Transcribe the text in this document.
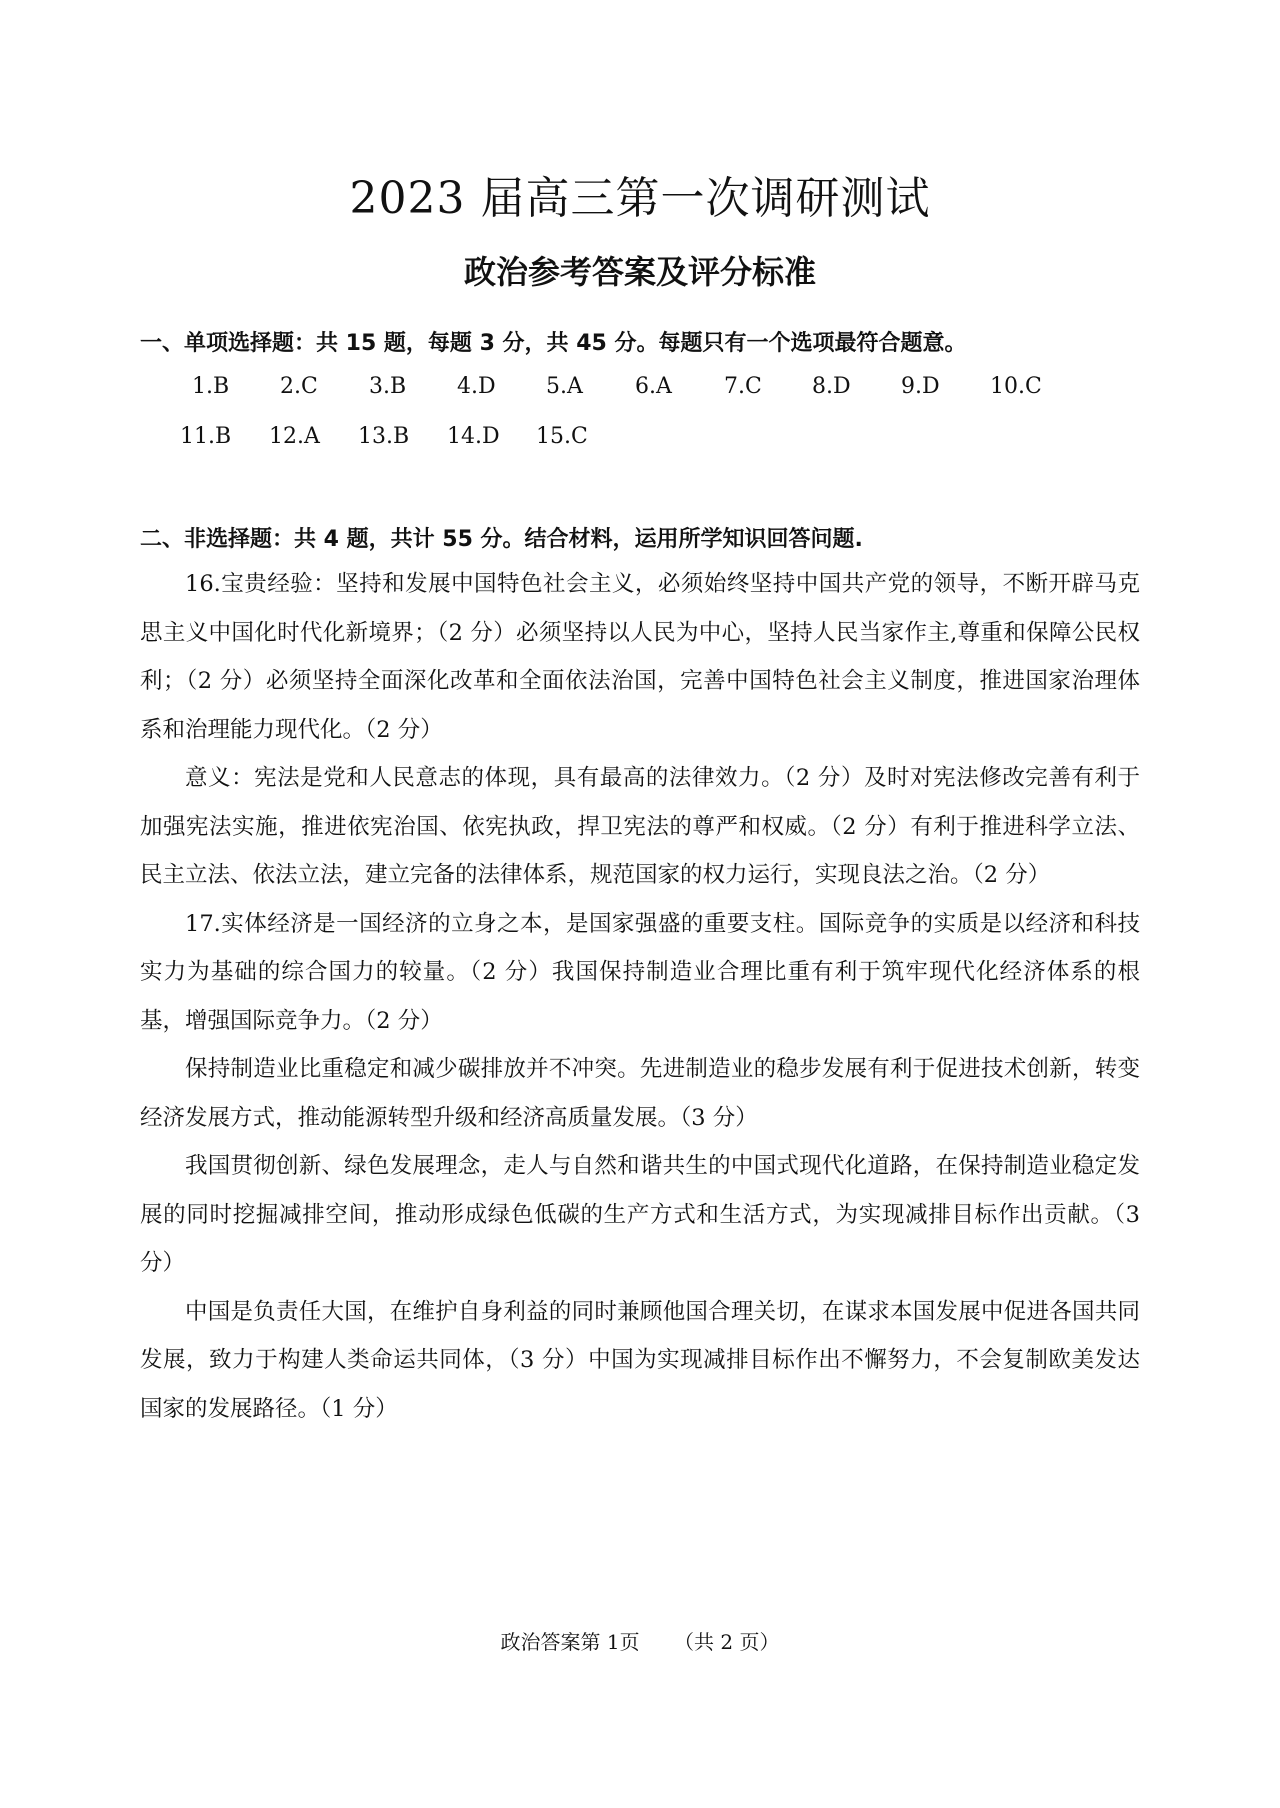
2023 届高三第一次调研测试
政治参考答案及评分标准
一、单项选择题：共 15 题，每题 3 分，共 45 分。每题只有一个选项最符合题意。
1.B 2.C 3.B 4.D 5.A 6.A 7.C 8.D 9.D 10.C
11.B 12.A 13.B 14.D 15.C
二、非选择题：共 4 题，共计 55 分。结合材料，运用所学知识回答问题.

16.宝贵经验：坚持和发展中国特色社会主义，必须始终坚持中国共产党的领导，不断开辟马克思主义中国化时代化新境界；（2 分）必须坚持以人民为中心，坚持人民当家作主,尊重和保障公民权利；（2 分）必须坚持全面深化改革和全面依法治国，完善中国特色社会主义制度，推进国家治理体系和治理能力现代化。（2 分）

意义：宪法是党和人民意志的体现，具有最高的法律效力。（2 分）及时对宪法修改完善有利于加强宪法实施，推进依宪治国、依宪执政，捍卫宪法的尊严和权威。（2 分）有利于推进科学立法、民主立法、依法立法，建立完备的法律体系，规范国家的权力运行，实现良法之治。（2 分）

17.实体经济是一国经济的立身之本，是国家强盛的重要支柱。国际竞争的实质是以经济和科技实力为基础的综合国力的较量。（2 分）我国保持制造业合理比重有利于筑牢现代化经济体系的根基，增强国际竞争力。（2 分）

保持制造业比重稳定和减少碳排放并不冲突。先进制造业的稳步发展有利于促进技术创新，转变经济发展方式，推动能源转型升级和经济高质量发展。（3 分）

我国贯彻创新、绿色发展理念，走人与自然和谐共生的中国式现代化道路，在保持制造业稳定发展的同时挖掘减排空间，推动形成绿色低碳的生产方式和生活方式，为实现减排目标作出贡献。（3 分）

中国是负责任大国，在维护自身利益的同时兼顾他国合理关切，在谋求本国发展中促进各国共同发展，致力于构建人类命运共同体，（3 分）中国为实现减排目标作出不懈努力，不会复制欧美发达国家的发展路径。（1 分）

政治答案第 1页 （共 2 页）
